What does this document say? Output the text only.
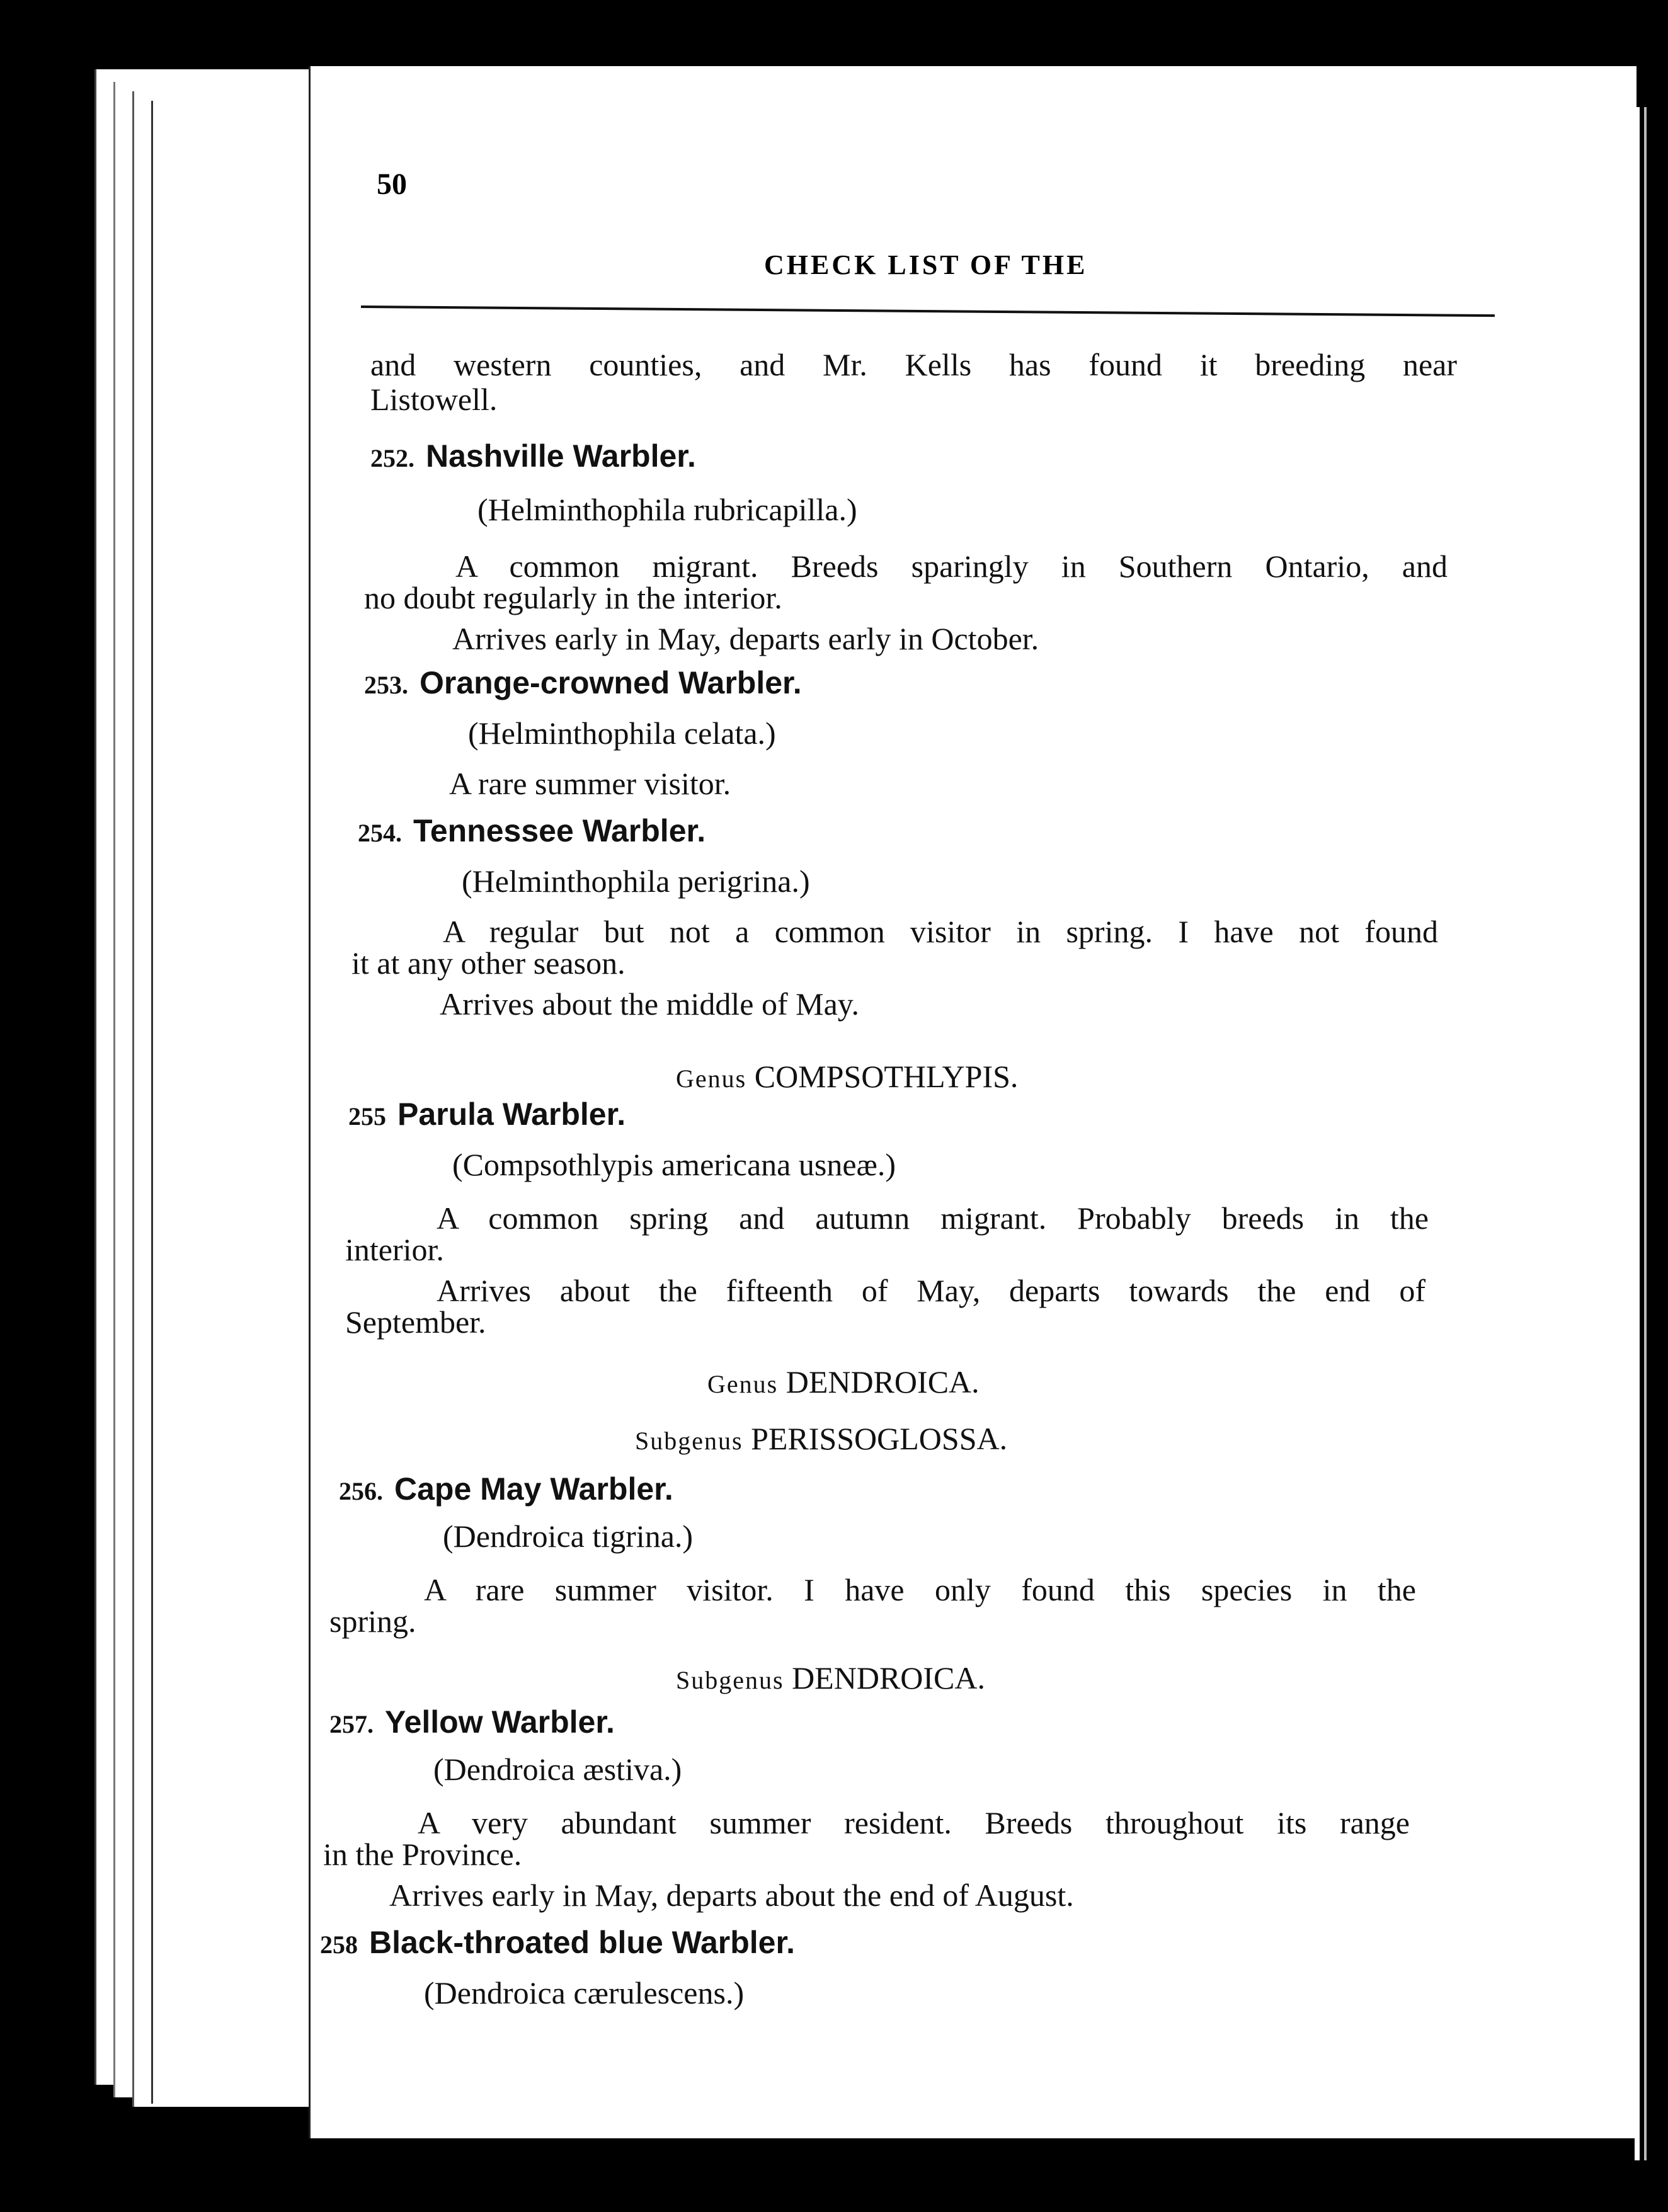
50
CHECK LIST OF THE
and western counties, and Mr. Kells has found it breeding near
Listowell.
252. Nashville Warbler.
(Helminthophila rubricapilla.)
A common migrant. Breeds sparingly in Southern Ontario, and
no doubt regularly in the interior.
Arrives early in May, departs early in October.
253. Orange-crowned Warbler.
(Helminthophila celata.)
A rare summer visitor.
254. Tennessee Warbler.
(Helminthophila perigrina.)
A regular but not a common visitor in spring. I have not found
it at any other season.
Arrives about the middle of May.
Genus COMPSOTHLYPIS.
255 Parula Warbler.
(Compsothlypis americana usneæ.)
A common spring and autumn migrant. Probably breeds in the
interior.
Arrives about the fifteenth of May, departs towards the end of
September.
Genus DENDROICA.
Subgenus PERISSOGLOSSA.
256. Cape May Warbler.
(Dendroica tigrina.)
A rare summer visitor. I have only found this species in the
spring.
Subgenus DENDROICA.
257. Yellow Warbler.
(Dendroica æstiva.)
A very abundant summer resident. Breeds throughout its range
in the Province.
Arrives early in May, departs about the end of August.
258 Black-throated blue Warbler.
(Dendroica cærulescens.)
